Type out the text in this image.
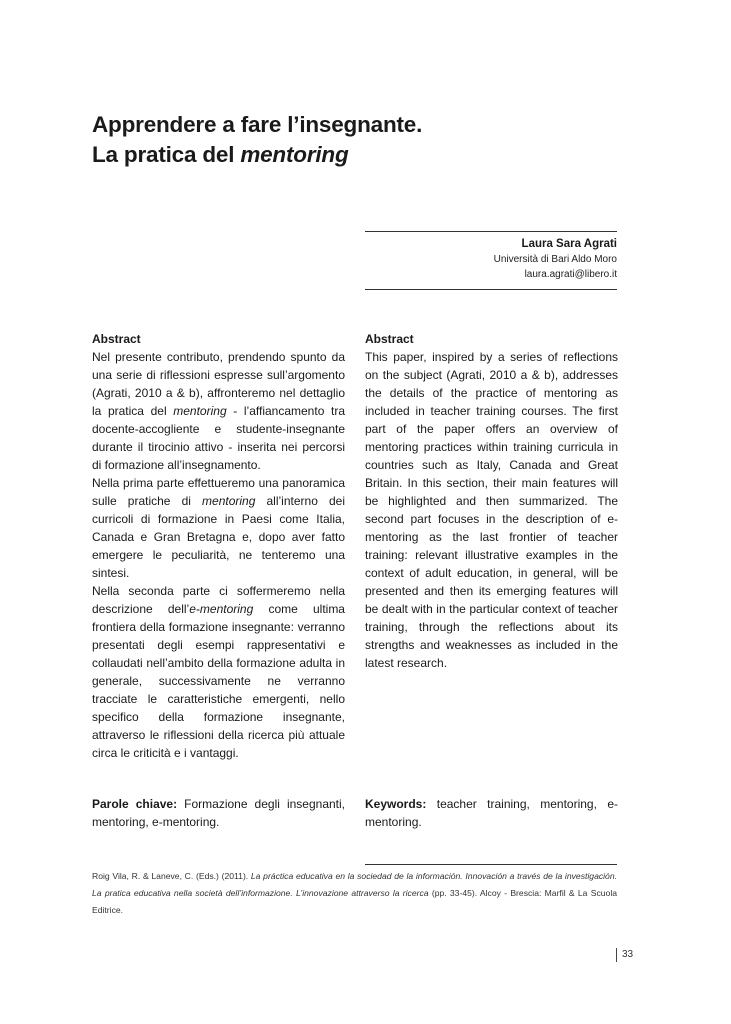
Apprendere a fare l’insegnante.
La pratica del mentoring
Laura Sara Agrati
Università di Bari Aldo Moro
laura.agrati@libero.it
Abstract

Nel presente contributo, prendendo spunto da una serie di riflessioni espresse sull’argomento (Agrati, 2010 a & b), affronteremo nel dettaglio la pratica del mentoring - l’affiancamento tra docente-accogliente e studente-insegnante durante il tirocinio attivo - inserita nei percorsi di formazione all’insegnamento.

Nella prima parte effettueremo una panoramica sulle pratiche di mentoring all’interno dei curricoli di formazione in Paesi come Italia, Canada e Gran Bretagna e, dopo aver fatto emergere le peculiarità, ne tenteremo una sintesi.

Nella seconda parte ci soffermeremo nella descrizione dell’e-mentoring come ultima frontiera della formazione insegnante: verranno presentati degli esempi rappresentativi e collaudati nell’ambito della formazione adulta in generale, successivamente ne verranno tracciate le caratteristiche emergenti, nello specifico della formazione insegnante, attraverso le riflessioni della ricerca più attuale circa le criticità e i vantaggi.

Abstract

This paper, inspired by a series of reflections on the subject (Agrati, 2010 a & b), addresses the details of the practice of mentoring as included in teacher training courses. The first part of the paper offers an overview of mentoring practices within training curricula in countries such as Italy, Canada and Great Britain. In this section, their main features will be highlighted and then summarized. The second part focuses in the description of e-mentoring as the last frontier of teacher training: relevant illustrative examples in the context of adult education, in general, will be presented and then its emerging features will be dealt with in the particular context of teacher training, through the reflections about its strengths and weaknesses as included in the latest research.

Parole chiave: Formazione degli insegnanti, mentoring, e-mentoring.
Keywords: teacher training, mentoring, e-mentoring.
Roig Vila, R. & Laneve, C. (Eds.) (2011). La práctica educativa en la sociedad de la información. Innovación a través de la investigación. La pratica educativa nella società dell’informazione. L’innovazione attraverso la ricerca (pp. 33-45). Alcoy - Brescia: Marfil & La Scuola Editrice.
33
